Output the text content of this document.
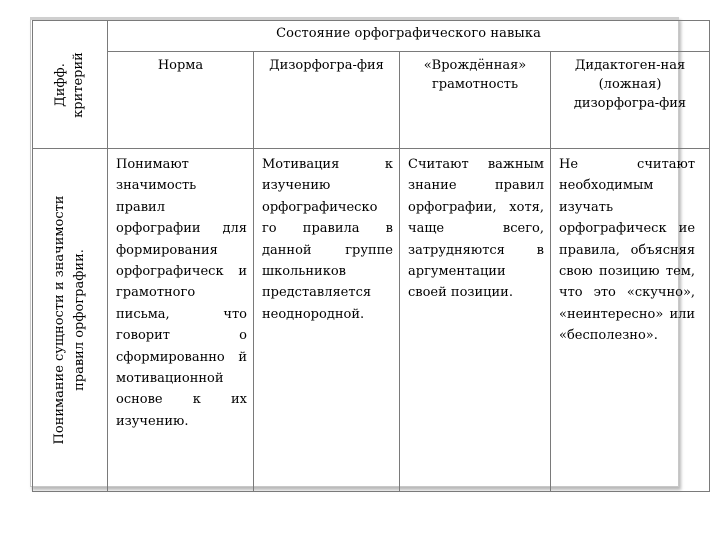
Дифф. критерий	Состояние орфографического навыка			
	Норма	Дизорфогра-фия	«Врождённая» грамотность	Дидактоген-ная (ложная) дизорфогра-фия

Понимание сущности и значимости правил орфографии.	Понимают значимость правил орфографии для формирования орфографическ и грамотного письма, что говорит о сформированно й мотивационной основе к их изучению.	Мотивация к изучению орфографическо го правила в данной группе школьников представляется неоднородной.	Считают важным знание правил орфографии, хотя, чаще всего, затрудняются в аргументации своей позиции.	Не считают необходимым изучать орфографическ ие правила, объясняя свою позицию тем, что это «скучно», «неинтересно» или «бесполезно».
